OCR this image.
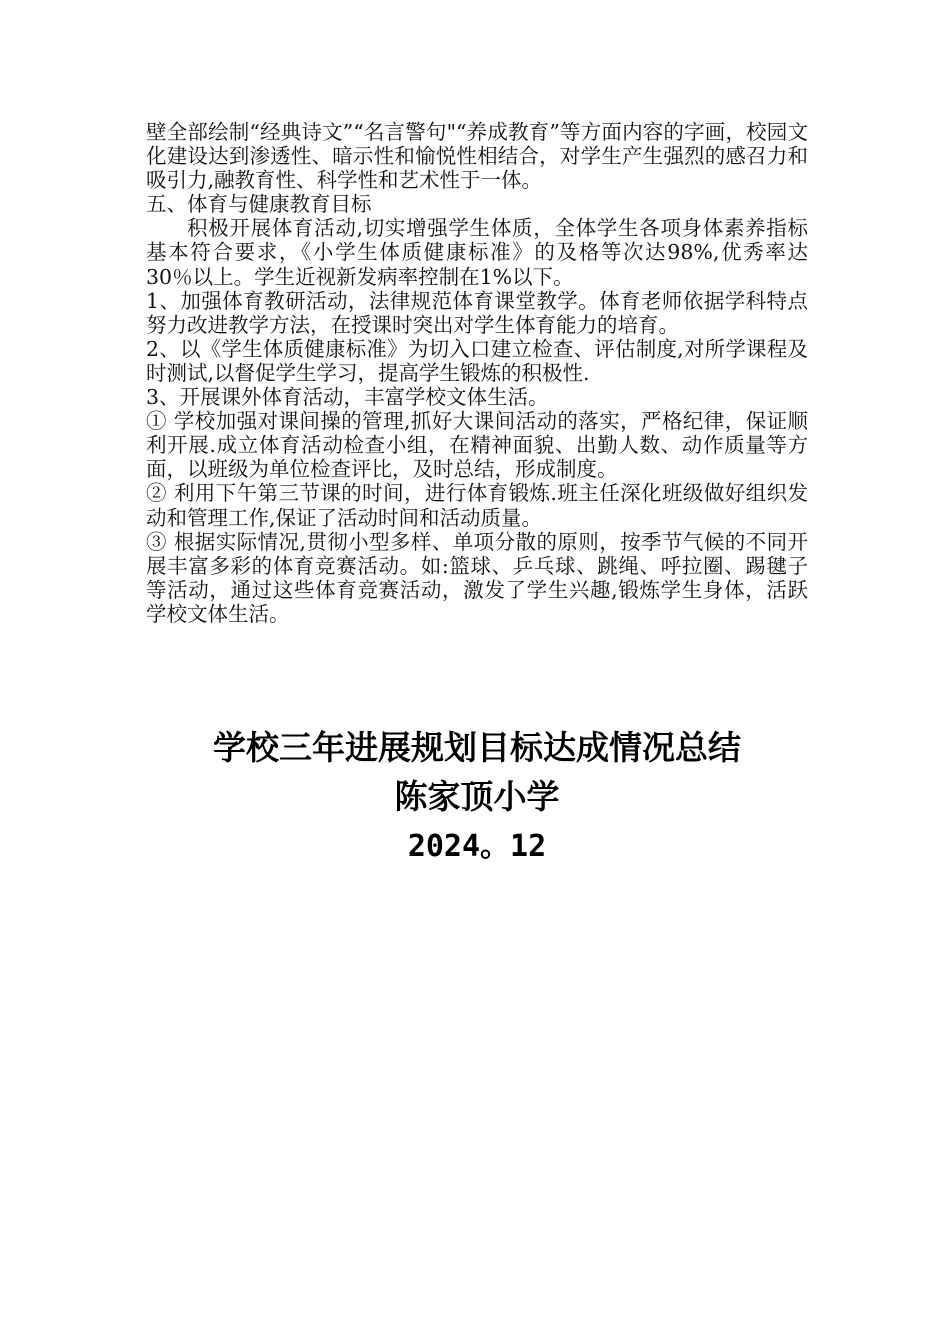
壁全部绘制“经典诗文”“名言警句"“养成教育”等方面内容的字画，校园文化建设达到渗透性、暗示性和愉悦性相结合，对学生产生强烈的感召力和吸引力,融教育性、科学性和艺术性于一体。

五、体育与健康教育目标

积极开展体育活动,切实增强学生体质，全体学生各项身体素养指标基本符合要求，《小学生体质健康标准》的及格等次达98%,优秀率达30％以上。学生近视新发病率控制在1%以下。

1、加强体育教研活动，法律规范体育课堂教学。体育老师依据学科特点努力改进教学方法，在授课时突出对学生体育能力的培育。

2、以《学生体质健康标准》为切入口建立检查、评估制度,对所学课程及时测试,以督促学生学习，提高学生锻炼的积极性.

3、开展课外体育活动，丰富学校文体生活。

① 学校加强对课间操的管理,抓好大课间活动的落实，严格纪律，保证顺利开展.成立体育活动检查小组，在精神面貌、出勤人数、动作质量等方面，以班级为单位检查评比，及时总结，形成制度。

② 利用下午第三节课的时间，进行体育锻炼.班主任深化班级做好组织发动和管理工作,保证了活动时间和活动质量。

③ 根据实际情况,贯彻小型多样、单项分散的原则，按季节气候的不同开展丰富多彩的体育竞赛活动。如:篮球、乒乓球、跳绳、呼拉圈、踢毽子等活动，通过这些体育竞赛活动，激发了学生兴趣,锻炼学生身体，活跃学校文体生活。

学校三年进展规划目标达成情况总结
陈家顶小学
2024。12
